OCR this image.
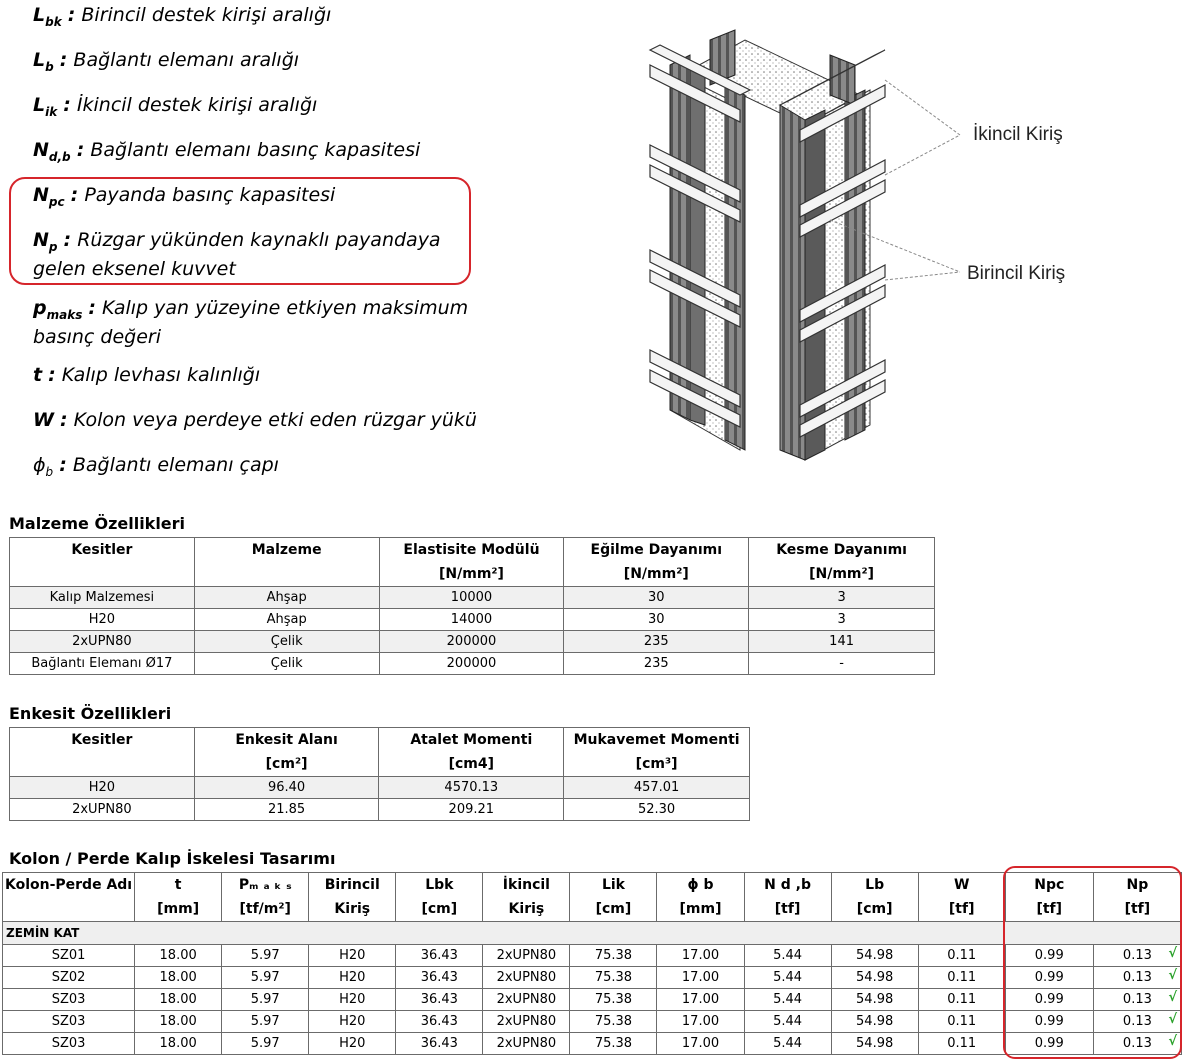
$L_{bk}$ : Birincil destek kirişi aralığı
$L_b$ : Bağlantı elemanı aralığı
$L_{ik}$ : İkincil destek kirişi aralığı
$N_{d,b}$ : Bağlantı elemanı basınç kapasitesi
$N_{pc}$ : Payanda basınç kapasitesi
$N_p$ : Rüzgar yükünden kaynaklı payandaya
gelen eksenel kuvvet
$p_{maks}$ : Kalıp yan yüzeyine etkiyen maksimum
basınç değeri
t : Kalıp levhası kalınlığı
W : Kolon veya perdeye etki eden rüzgar yükü
$\phi_b$ : Bağlantı elemanı çapı
İkincil Kiriş
Birincil Kiriş
Malzeme Özellikleri
Kesitler	Malzeme	Elastisite Modülü	Eğilme Dayanımı	Kesme Dayanımı
		[N/mm²]	[N/mm²]	[N/mm²]
Kalıp Malzemesi	Ahşap	10000	30	3
H20	Ahşap	14000	30	3
2xUPN80	Çelik	200000	235	141
Bağlantı Elemanı Ø17	Çelik	200000	235	-
Enkesit Özellikleri
Kesitler	Enkesit Alanı	Atalet Momenti	Mukavemet Momenti
	[cm²]	[cm4]	[cm³]
H20	96.40	4570.13	457.01
2xUPN80	21.85	209.21	52.30
Kolon / Perde Kalıp İskelesi Tasarımı
Kolon-Perde Adı	t	Pₘ ₐ ₖ ₛ	Birincil	Lbk	İkincil	Lik	ϕ b	N d ,b	Lb	W	Npc	Np
	[mm]	[tf/m²]	Kiriş	[cm]	Kiriş	[cm]	[mm]	[tf]	[cm]	[tf]	[tf]	[tf]
ZEMİN KAT												
SZ01	18.00	5.97	H20	36.43	2xUPN80	75.38	17.00	5.44	54.98	0.11	0.99	0.13 √

SZ02	18.00	5.97	H20	36.43	2xUPN80	75.38	17.00	5.44	54.98	0.11	0.99	0.13 √

SZ03	18.00	5.97	H20	36.43	2xUPN80	75.38	17.00	5.44	54.98	0.11	0.99	0.13 √

SZ03	18.00	5.97	H20	36.43	2xUPN80	75.38	17.00	5.44	54.98	0.11	0.99	0.13 √

SZ03	18.00	5.97	H20	36.43	2xUPN80	75.38	17.00	5.44	54.98	0.11	0.99	0.13 √
